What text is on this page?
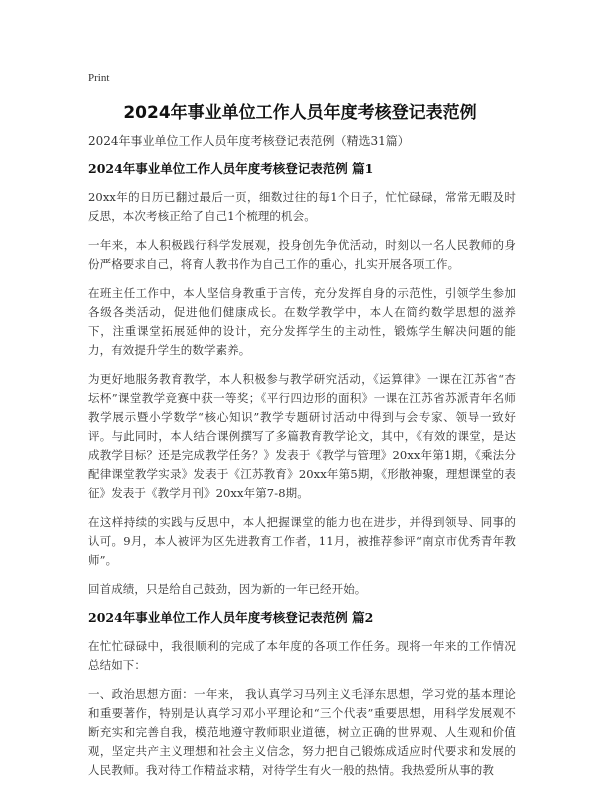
Print
2024年事业单位工作人员年度考核登记表范例

2024年事业单位工作人员年度考核登记表范例（精选31篇）

2024年事业单位工作人员年度考核登记表范例 篇1

20xx年的日历已翻过最后一页，细数过往的每1个日子，忙忙碌碌，常常无暇及时反思，本次考核正给了自己1个梳理的机会。

一年来，本人积极践行科学发展观，投身创先争优活动，时刻以一名人民教师的身份严格要求自己，将育人教书作为自己工作的重心，扎实开展各项工作。

在班主任工作中，本人坚信身教重于言传，充分发挥自身的示范性，引领学生参加各级各类活动，促进他们健康成长。在数学教学中，本人在简约数学思想的滋养下，注重课堂拓展延伸的设计，充分发挥学生的主动性，锻炼学生解决问题的能力，有效提升学生的数学素养。

为更好地服务教育教学，本人积极参与教学研究活动，《运算律》一课在江苏省“杏坛杯”课堂教学竞赛中获一等奖；《平行四边形的面积》一课在江苏省苏派青年名师教学展示暨小学数学“核心知识”教学专题研讨活动中得到与会专家、领导一致好评。与此同时，本人结合课例撰写了多篇教育教学论文，其中，《有效的课堂，是达成教学目标？还是完成教学任务？》发表于《教学与管理》20xx年第1期，《乘法分配律课堂教学实录》发表于《江苏教育》20xx年第5期，《形散神聚，理想课堂的表征》发表于《教学月刊》20xx年第7-8期。

在这样持续的实践与反思中，本人把握课堂的能力也在进步，并得到领导、同事的认可。9月，本人被评为区先进教育工作者，11月，被推荐参评“南京市优秀青年教师”。

回首成绩，只是给自己鼓劲，因为新的一年已经开始。

2024年事业单位工作人员年度考核登记表范例 篇2

在忙忙碌碌中，我很顺利的完成了本年度的各项工作任务。现将一年来的工作情况总结如下：

一、政治思想方面：一年来， 我认真学习马列主义毛泽东思想，学习党的基本理论和重要著作，特别是认真学习邓小平理论和“三个代表”重要思想，用科学发展观不断充实和完善自我，模范地遵守教师职业道德，树立正确的世界观、人生观和价值观，坚定共产主义理想和社会主义信念，努力把自己锻炼成适应时代要求和发展的人民教师。我对待工作精益求精，对待学生有火一般的热情。我热爱所从事的教
